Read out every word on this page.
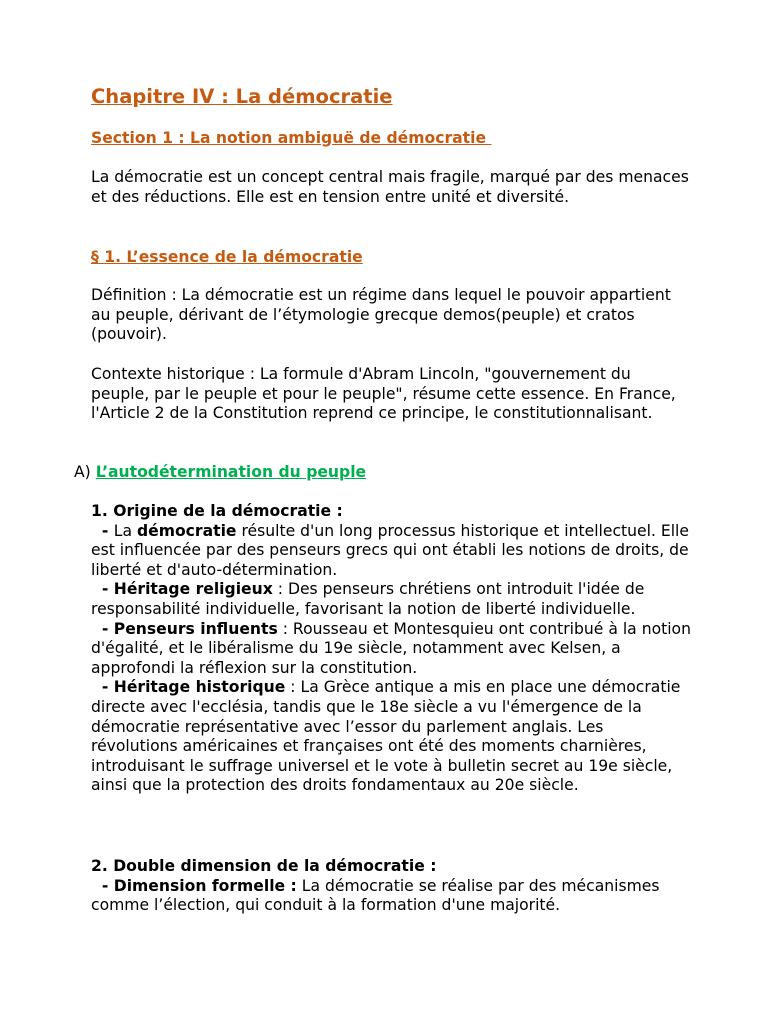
Chapitre IV : La démocratie
Section 1 : La notion ambiguë de démocratie

La démocratie est un concept central mais fragile, marqué par des menaces et des réductions. Elle est en tension entre unité et diversité.

§ 1. L’essence de la démocratie

Définition : La démocratie est un régime dans lequel le pouvoir appartient au peuple, dérivant de l’étymologie grecque demos(peuple) et cratos (pouvoir).

Contexte historique : La formule d'Abram Lincoln, "gouvernement du peuple, par le peuple et pour le peuple", résume cette essence. En France, l'Article 2 de la Constitution reprend ce principe, le constitutionnalisant.

A) L’autodétermination du peuple

1. Origine de la démocratie :

- La démocratie résulte d'un long processus historique et intellectuel. Elle est influencée par des penseurs grecs qui ont établi les notions de droits, de liberté et d'auto-détermination.

- Héritage religieux : Des penseurs chrétiens ont introduit l'idée de responsabilité individuelle, favorisant la notion de liberté individuelle.

- Penseurs influents : Rousseau et Montesquieu ont contribué à la notion d'égalité, et le libéralisme du 19e siècle, notamment avec Kelsen, a approfondi la réflexion sur la constitution.

- Héritage historique : La Grèce antique a mis en place une démocratie directe avec l'ecclésia, tandis que le 18e siècle a vu l'émergence de la démocratie représentative avec l’essor du parlement anglais. Les révolutions américaines et françaises ont été des moments charnières, introduisant le suffrage universel et le vote à bulletin secret au 19e siècle, ainsi que la protection des droits fondamentaux au 20e siècle.

2. Double dimension de la démocratie :

- Dimension formelle : La démocratie se réalise par des mécanismes comme l’élection, qui conduit à la formation d'une majorité.
